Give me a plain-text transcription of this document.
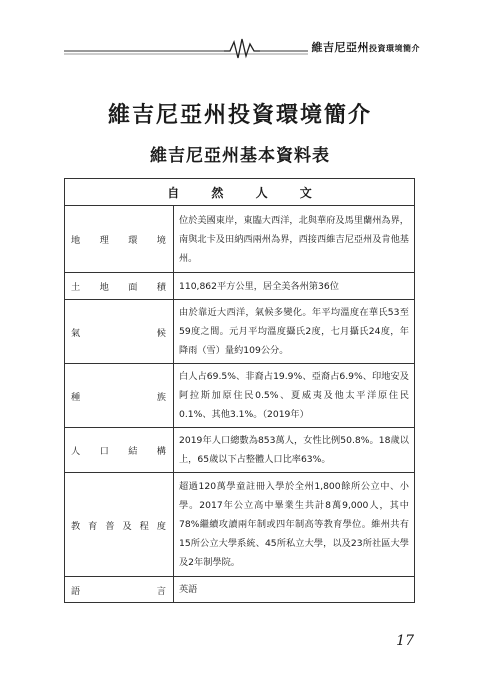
維吉尼亞州投資環境簡介
維吉尼亞州投資環境簡介
維吉尼亞州基本資料表
自 然 人 文	
地 理 環 境	位於美國東岸，東臨大西洋，北與華府及馬里蘭州為界，南與北卡及田納西兩州為界，西接西維吉尼亞州及肯他基州。
土 地 面 積	110,862平方公里，居全美各州第36位
氣 候	由於靠近大西洋，氣候多變化。年平均溫度在華氏53至59度之間。元月平均溫度攝氏2度，七月攝氏24度，年降雨（雪）量約109公分。
種 族	白人占69.5%、非裔占19.9%、亞裔占6.9%、印地安及阿拉斯加原住民0.5%、夏威夷及他太平洋原住民0.1%、其他3.1%。（2019年）
人 口 結 構	2019年人口總數為853萬人，女性比例50.8%。18歲以上，65歲以下占整體人口比率63%。
教 育 普 及 程 度	超過120萬學童註冊入學於全州1,800餘所公立中、小學。2017年公立高中畢業生共計8萬9,000人，其中78%繼續攻讀兩年制或四年制高等教育學位。維州共有15所公立大學系統、45所私立大學，以及23所社區大學及2年制學院。
語 言	英語
17
